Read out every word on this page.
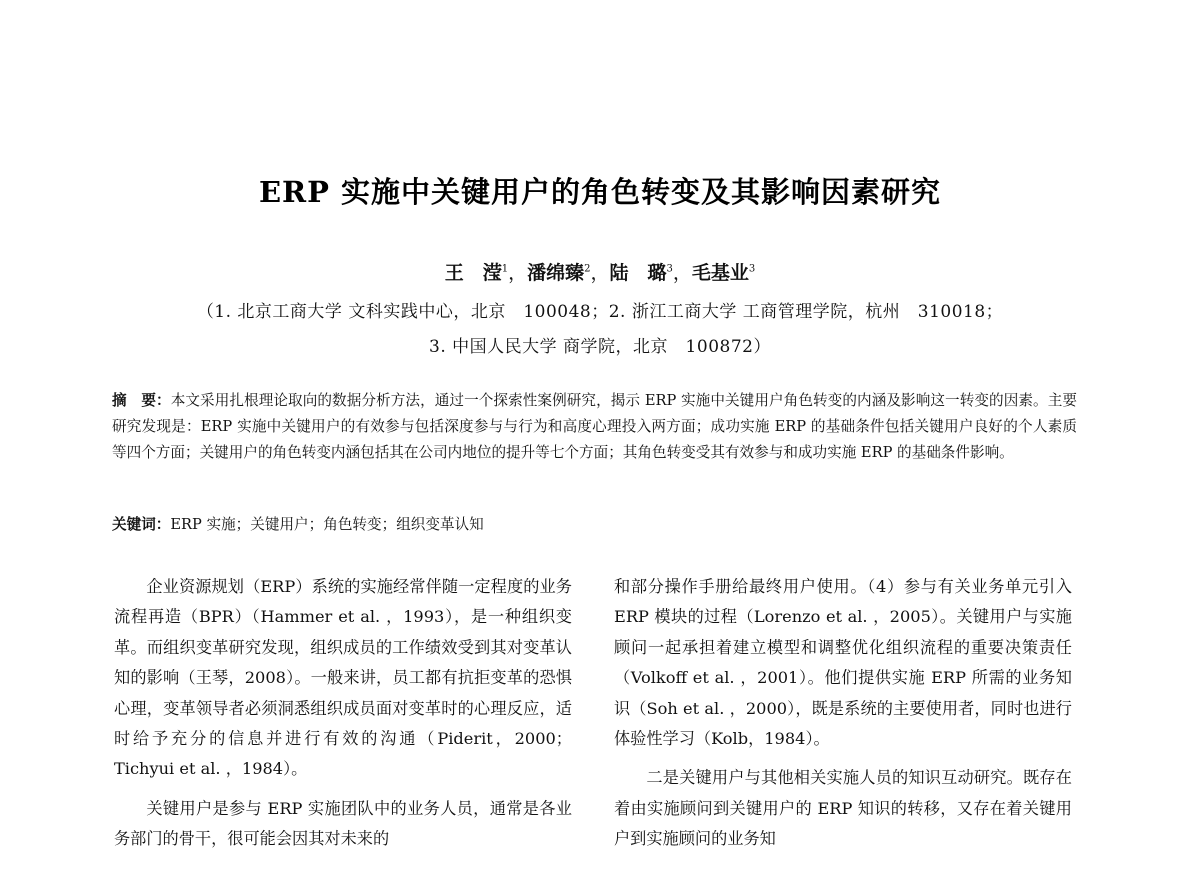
ERP 实施中关键用户的角色转变及其影响因素研究
王　滢$^1$，潘绵臻$^2$，陆　璐$^3$，毛基业$^3$
（1. 北京工商大学 文科实践中心，北京　100048；2. 浙江工商大学 工商管理学院，杭州　310018；
3. 中国人民大学 商学院，北京　100872）
摘　要：本文采用扎根理论取向的数据分析方法，通过一个探索性案例研究，揭示 ERP 实施中关键用户角色转变的内涵及影响这一转变的因素。主要研究发现是：ERP 实施中关键用户的有效参与包括深度参与与行为和高度心理投入两方面；成功实施 ERP 的基础条件包括关键用户良好的个人素质等四个方面；关键用户的角色转变内涵包括其在公司内地位的提升等七个方面；其角色转变受其有效参与和成功实施 ERP 的基础条件影响。
关键词：ERP 实施；关键用户；角色转变；组织变革认知

企业资源规划（ERP）系统的实施经常伴随一定程度的业务流程再造（BPR）（Hammer et al. ，1993），是一种组织变革。而组织变革研究发现，组织成员的工作绩效受到其对变革认知的影响（王琴，2008）。一般来讲，员工都有抗拒变革的恐惧心理，变革领导者必须洞悉组织成员面对变革时的心理反应，适时给予充分的信息并进行有效的沟通（Piderit，2000；Tichyui et al. ，1984）。

关键用户是参与 ERP 实施团队中的业务人员，通常是各业务部门的骨干，很可能会因其对未来的

和部分操作手册给最终用户使用。（4）参与有关业务单元引入 ERP 模块的过程（Lorenzo et al. ，2005）。关键用户与实施顾问一起承担着建立模型和调整优化组织流程的重要决策责任（Volkoff et al. ，2001）。他们提供实施 ERP 所需的业务知识（Soh et al. ，2000），既是系统的主要使用者，同时也进行体验性学习（Kolb，1984）。

二是关键用户与其他相关实施人员的知识互动研究。既存在着由实施顾问到关键用户的 ERP 知识的转移，又存在着关键用户到实施顾问的业务知
